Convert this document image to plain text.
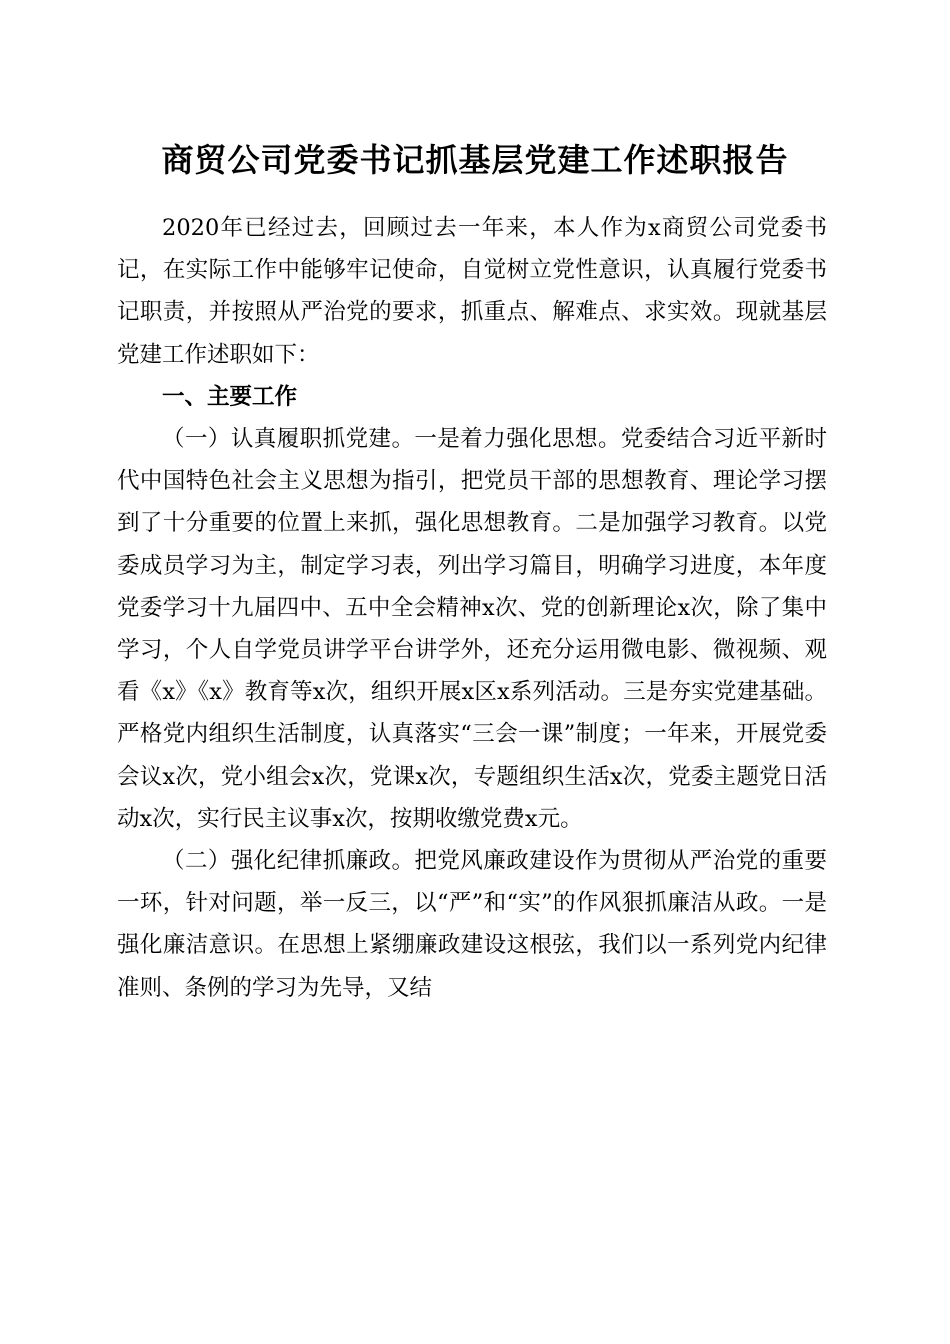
商贸公司党委书记抓基层党建工作述职报告

2020年已经过去，回顾过去一年来，本人作为x商贸公司党委书记，在实际工作中能够牢记使命，自觉树立党性意识，认真履行党委书记职责，并按照从严治党的要求，抓重点、解难点、求实效。现就基层党建工作述职如下：

一、主要工作

（一）认真履职抓党建。一是着力强化思想。党委结合习近平新时代中国特色社会主义思想为指引，把党员干部的思想教育、理论学习摆到了十分重要的位置上来抓，强化思想教育。二是加强学习教育。以党委成员学习为主，制定学习表，列出学习篇目，明确学习进度，本年度党委学习十九届四中、五中全会精神x次、党的创新理论x次，除了集中学习，个人自学党员讲学平台讲学外，还充分运用微电影、微视频、观看《x》《x》教育等x次，组织开展x区x系列活动。三是夯实党建基础。严格党内组织生活制度，认真落实“三会一课”制度；一年来，开展党委会议x次，党小组会x次，党课x次，专题组织生活x次，党委主题党日活动x次，实行民主议事x次，按期收缴党费x元。

（二）强化纪律抓廉政。把党风廉政建设作为贯彻从严治党的重要一环，针对问题，举一反三，以“严”和“实”的作风狠抓廉洁从政。一是强化廉洁意识。在思想上紧绷廉政建设这根弦，我们以一系列党内纪律准则、条例的学习为先导，又结
